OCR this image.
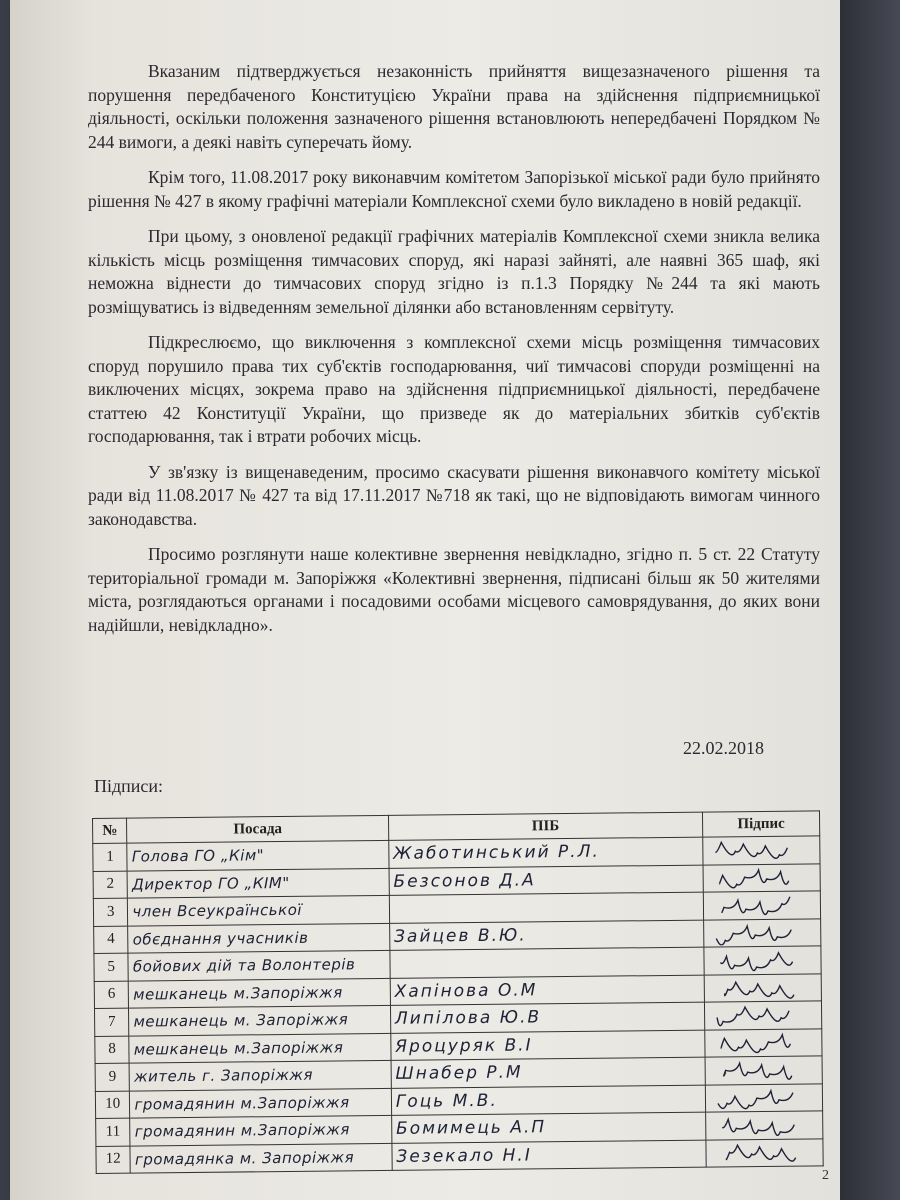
Вказаним підтверджується незаконність прийняття вищезазначеного рішення та порушення передбаченого Конституцією України права на здійснення підприємницької діяльності, оскільки положення зазначеного рішення встановлюють непередбачені Порядком № 244 вимоги, а деякі навіть суперечать йому.

Крім того, 11.08.2017 року виконавчим комітетом Запорізької міської ради було прийнято рішення № 427 в якому графічні матеріали Комплексної схеми було викладено в новій редакції.

При цьому, з оновленої редакції графічних матеріалів Комплексної схеми зникла велика кількість місць розміщення тимчасових споруд, які наразі зайняті, але наявні 365 шаф, які неможна віднести до тимчасових споруд згідно із п.1.3 Порядку №244 та які мають розміщуватись із відведенням земельної ділянки або встановленням сервітуту.

Підкреслюємо, що виключення з комплексної схеми місць розміщення тимчасових споруд порушило права тих суб'єктів господарювання, чиї тимчасові споруди розміщенні на виключених місцях, зокрема право на здійснення підприємницької діяльності, передбачене статтею 42 Конституції України, що призведе як до матеріальних збитків суб'єктів господарювання, так і втрати робочих місць.

У зв'язку із вищенаведеним, просимо скасувати рішення виконавчого комітету міської ради від 11.08.2017 № 427 та від 17.11.2017 №718 як такі, що не відповідають вимогам чинного законодавства.

Просимо розглянути наше колективне звернення невідкладно, згідно п. 5 ст. 22 Статуту територіальної громади м. Запоріжжя «Колективні звернення, підписані більш як 50 жителями міста, розглядаються органами і посадовими особами місцевого самоврядування, до яких вони надійшли, невідкладно».

22.02.2018
Підписи:
№	Посада	ПІБ	Підпис
1	Голова ГО „Кім"	Жаботинський Р.Л.	

2	Директор ГО „КІМ"	Безсонов Д.А	

3	член Всеукраїнської		

4	обєднання учасників	Зайцев В.Ю.	

5	бойових дій та Волонтерів		

6	мешканець м.Запоріжжя	Хапінова О.М	

7	мешканець м. Запоріжжя	Липілова Ю.В	

8	мешканець м.Запоріжжя	Яроцуряк В.І	

9	житель г. Запоріжжя	Шнабер Р.М	

10	громадянин м.Запоріжжя	Гоць М.В.	

11	громадянин м.Запоріжжя	Бомимець А.П	

12	громадянка м. Запоріжжя	Зезекало Н.І	
2
